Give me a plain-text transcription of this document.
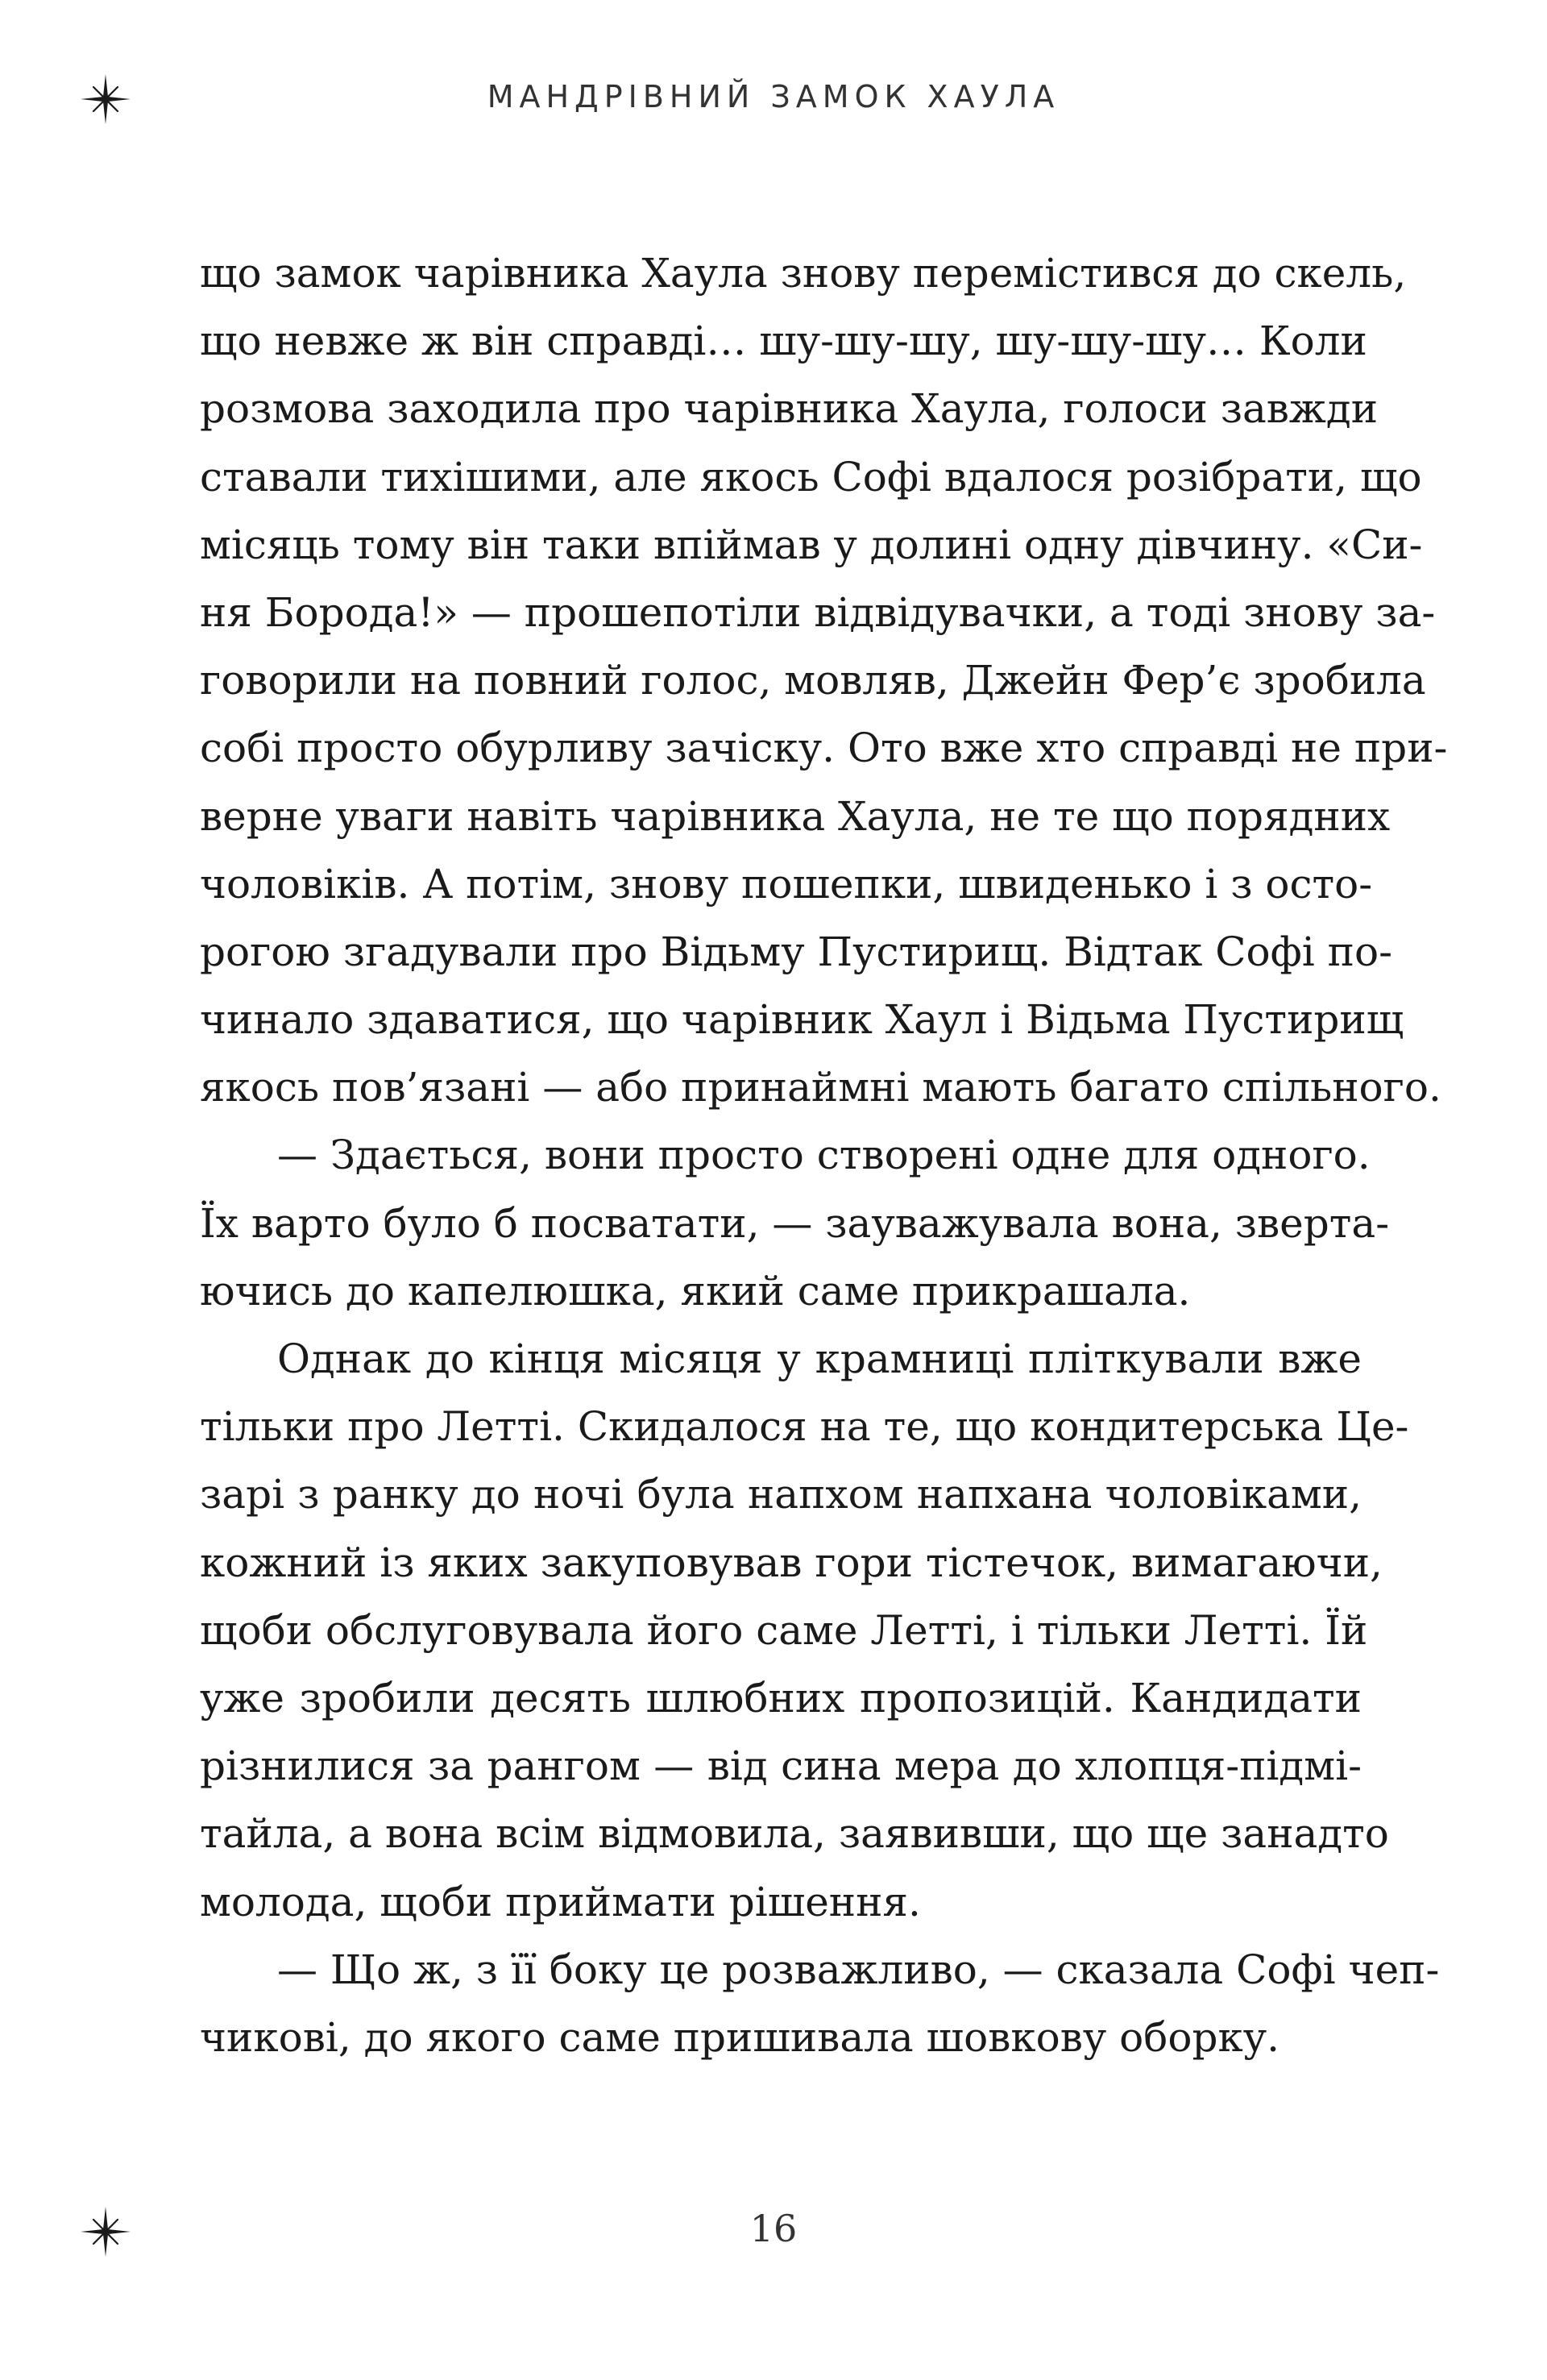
МАНДРІВНИЙ ЗАМОК ХАУЛА
що замок чарівника Хаула знову перемістився до скель,
що невже ж він справді… шу-шу-шу, шу-шу-шу… Коли
розмова заходила про чарівника Хаула, голоси завжди
ставали тихішими, але якось Софі вдалося розібрати, що
місяць тому він таки впіймав у долині одну дівчину. «Си-
ня Борода!» — прошепотіли відвідувачки, а тоді знову за-
говорили на повний голос, мовляв, Джейн Фер’є зробила
собі просто обурливу зачіску. Ото вже хто справді не при-
верне уваги навіть чарівника Хаула, не те що порядних
чоловіків. А потім, знову пошепки, швиденько і з осто-
рогою згадували про Відьму Пустирищ. Відтак Софі по-
чинало здаватися, що чарівник Хаул і Відьма Пустирищ
якось пов’язані — або принаймні мають багато спільного.
— Здається, вони просто створені одне для одного.
Їх варто було б посватати, — зауважувала вона, зверта-
ючись до капелюшка, який саме прикрашала.
Однак до кінця місяця у крамниці пліткували вже
тільки про Летті. Скидалося на те, що кондитерська Це-
зарі з ранку до ночі була напхом напхана чоловіками,
кожний із яких закуповував гори тістечок, вимагаючи,
щоби обслуговувала його саме Летті, і тільки Летті. Їй
уже зробили десять шлюбних пропозицій. Кандидати
різнилися за рангом — від сина мера до хлопця-підмі-
тайла, а вона всім відмовила, заявивши, що ще занадто
молода, щоби приймати рішення.
— Що ж, з її боку це розважливо, — сказала Софі чеп-
чикові, до якого саме пришивала шовкову оборку.
16
